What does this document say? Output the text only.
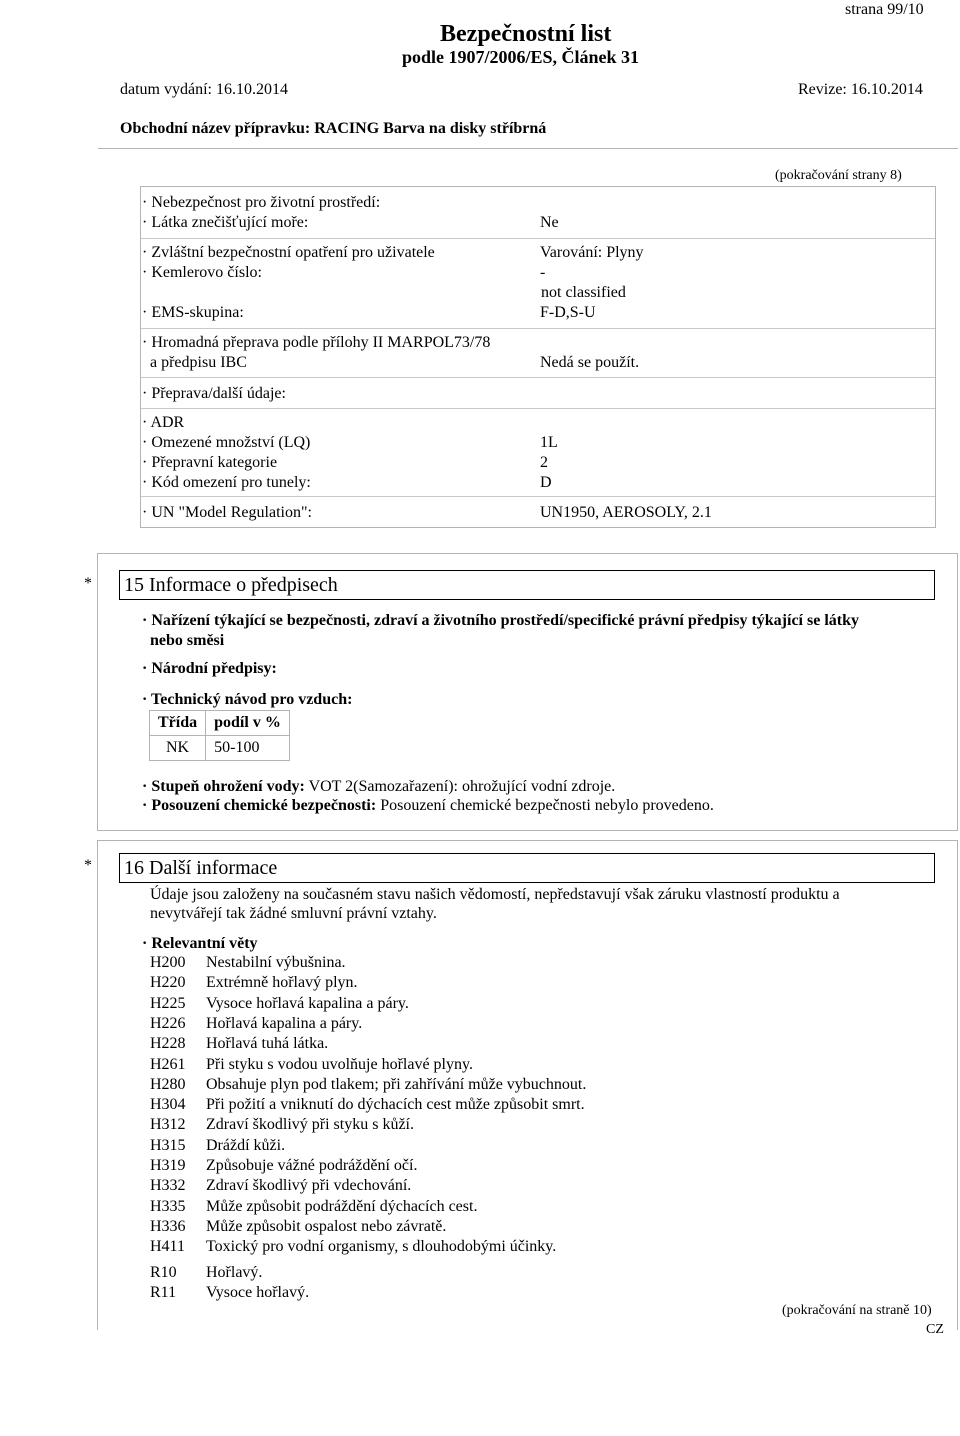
strana 99/10
Bezpečnostní list
podle 1907/2006/ES, Článek 31
datum vydání: 16.10.2014	Revize: 16.10.2014
Obchodní název přípravku: RACING Barva na disky stříbrná
(pokračování strany 8)
· Nebezpečnost pro životní prostředí:
· Látka znečišťující moře:	Ne
· Zvláštní bezpečnostní opatření pro uživatele	Varování: Plyny
· Kemlerovo číslo:	-
not classified
· EMS-skupina:	F-D,S-U
· Hromadná přeprava podle přílohy II MARPOL73/78
a předpisu IBC	Nedá se použít.
· Přeprava/další údaje:
· ADR
· Omezené množství (LQ)	1L
· Přepravní kategorie	2
· Kód omezení pro tunely:	D
· UN "Model Regulation":	UN1950, AEROSOLY, 2.1
* 15 Informace o předpisech
· Nařízení týkající se bezpečnosti, zdraví a životního prostředí/specifické právní předpisy týkající se látky
nebo směsi
· Národní předpisy:
· Technický návod pro vzduch:
Třída	podíl v %
NK	50-100
· Stupeň ohrožení vody: VOT 2(Samozařazení): ohrožující vodní zdroje.
· Posouzení chemické bezpečnosti: Posouzení chemické bezpečnosti nebylo provedeno.
* 16 Další informace
Údaje jsou založeny na současném stavu našich vědomostí, nepředstavují však záruku vlastností produktu a
nevytvářejí tak žádné smluvní právní vztahy.
· Relevantní věty
H200 Nestabilní výbušnina.
H220 Extrémně hořlavý plyn.
H225 Vysoce hořlavá kapalina a páry.
H226 Hořlavá kapalina a páry.
H228 Hořlavá tuhá látka.
H261 Při styku s vodou uvolňuje hořlavé plyny.
H280 Obsahuje plyn pod tlakem; při zahřívání může vybuchnout.
H304 Při požití a vniknutí do dýchacích cest může způsobit smrt.
H312 Zdraví škodlivý při styku s kůží.
H315 Dráždí kůži.
H319 Způsobuje vážné podráždění očí.
H332 Zdraví škodlivý při vdechování.
H335 Může způsobit podráždění dýchacích cest.
H336 Může způsobit ospalost nebo závratě.
H411 Toxický pro vodní organismy, s dlouhodobými účinky.
R10 Hořlavý.
R11 Vysoce hořlavý.
(pokračování na straně 10)
CZ
